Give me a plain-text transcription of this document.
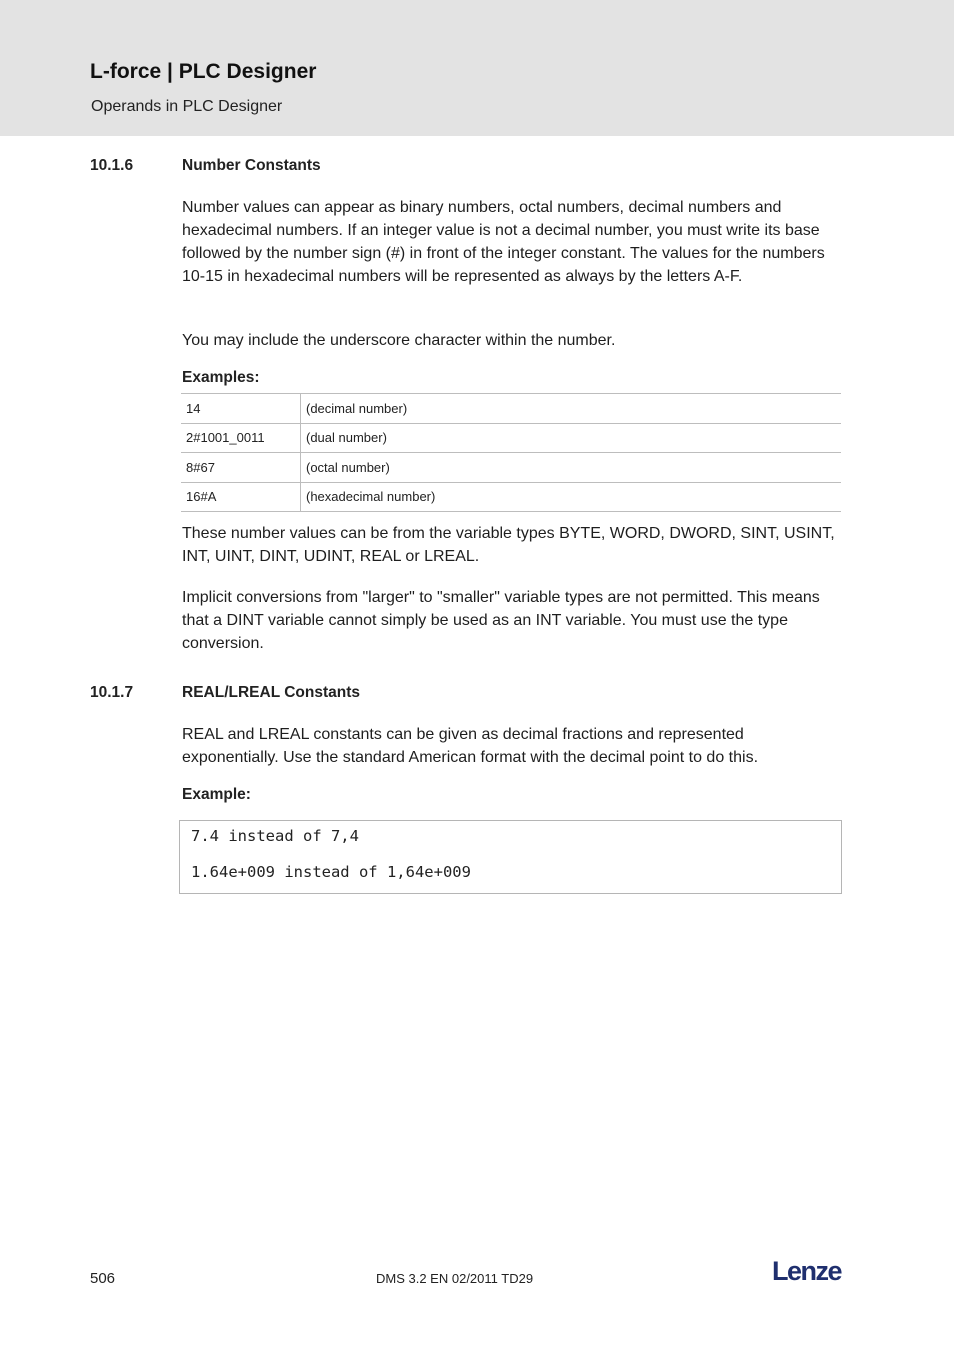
L-force | PLC Designer
Operands in PLC Designer
10.1.6	Number Constants
Number values can appear as binary numbers, octal numbers, decimal numbers and hexadecimal numbers. If an integer value is not a decimal number, you must write its base followed by the number sign (#) in front of the integer constant. The values for the numbers 10-15 in hexadecimal numbers will be represented as always by the letters A-F.
You may include the underscore character within the number.
Examples:
14	(decimal number)
2#1001_0011	(dual number)
8#67	(octal number)
16#A	(hexadecimal number)
These number values can be from the variable types BYTE, WORD, DWORD, SINT, USINT, INT, UINT, DINT, UDINT, REAL or LREAL.
Implicit conversions from "larger" to "smaller" variable types are not permitted. This means that a DINT variable cannot simply be used as an INT variable. You must use the type conversion.
10.1.7	REAL/LREAL Constants
REAL and LREAL constants can be given as decimal fractions and represented exponentially. Use the standard American format with the decimal point to do this.
Example:
7.4 instead of 7,4
1.64e+009 instead of 1,64e+009
506	DMS 3.2 EN 02/2011 TD29	Lenze
